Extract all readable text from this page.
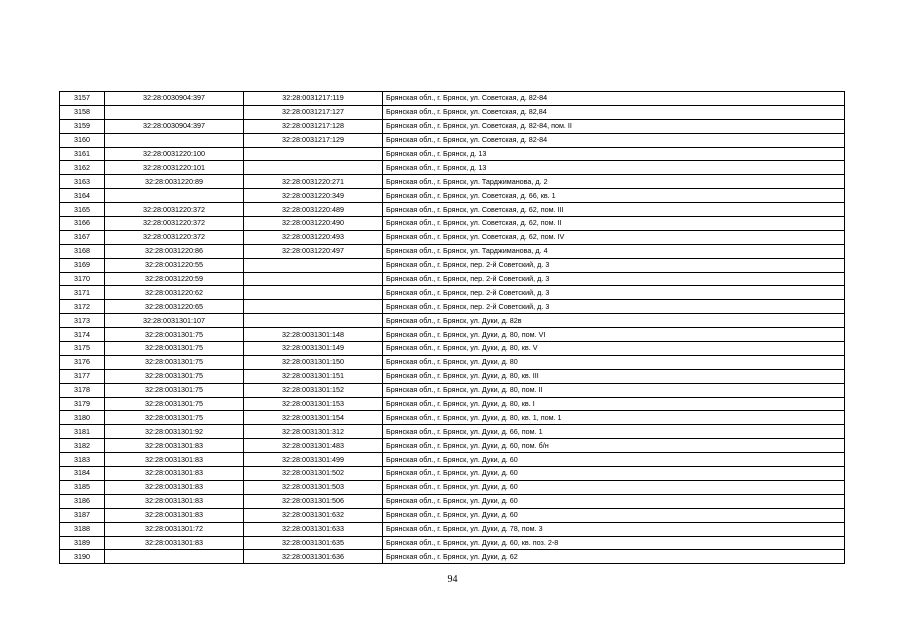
3157	32:28:0030904:397	32:28:0031217:119	Брянская обл., г. Брянск, ул. Советская, д. 82-84
3158		32:28:0031217:127	Брянская обл., г. Брянск, ул. Советская, д. 82,84
3159	32:28:0030904:397	32:28:0031217:128	Брянская обл., г. Брянск, ул. Советская, д. 82-84, пом. II
3160		32:28:0031217:129	Брянская обл., г. Брянск, ул. Советская, д. 82-84
3161	32:28:0031220:100		Брянская обл., г. Брянск, д. 13
3162	32:28:0031220:101		Брянская обл., г. Брянск, д. 13
3163	32:28:0031220:89	32:28:0031220:271	Брянская обл., г. Брянск, ул. Тарджиманова, д. 2
3164		32:28:0031220:349	Брянская обл., г. Брянск, ул. Советская, д. 66, кв. 1
3165	32:28:0031220:372	32:28:0031220:489	Брянская обл., г. Брянск, ул. Советская, д. 62, пом. III
3166	32:28:0031220:372	32:28:0031220:490	Брянская обл., г. Брянск, ул. Советская, д. 62, пом. II
3167	32:28:0031220:372	32:28:0031220:493	Брянская обл., г. Брянск, ул. Советская, д. 62, пом. IV
3168	32:28:0031220:86	32:28:0031220:497	Брянская обл., г. Брянск, ул. Тарджиманова, д. 4
3169	32:28:0031220:55		Брянская обл., г. Брянск, пер. 2-й Советский, д. 3
3170	32:28:0031220:59		Брянская обл., г. Брянск, пер. 2-й Советский, д. 3
3171	32:28:0031220:62		Брянская обл., г. Брянск, пер. 2-й Советский, д. 3
3172	32:28:0031220:65		Брянская обл., г. Брянск, пер. 2-й Советский, д. 3
3173	32:28:0031301:107		Брянская обл., г. Брянск, ул. Дуки, д. 82в
3174	32:28:0031301:75	32:28:0031301:148	Брянская обл., г. Брянск, ул. Дуки, д. 80, пом. VI
3175	32:28:0031301:75	32:28:0031301:149	Брянская обл., г. Брянск, ул. Дуки, д. 80, кв. V
3176	32:28:0031301:75	32:28:0031301:150	Брянская обл., г. Брянск, ул. Дуки, д. 80
3177	32:28:0031301:75	32:28:0031301:151	Брянская обл., г. Брянск, ул. Дуки, д. 80, кв. III
3178	32:28:0031301:75	32:28:0031301:152	Брянская обл., г. Брянск, ул. Дуки, д. 80, пом. II
3179	32:28:0031301:75	32:28:0031301:153	Брянская обл., г. Брянск, ул. Дуки, д. 80, кв. I
3180	32:28:0031301:75	32:28:0031301:154	Брянская обл., г. Брянск, ул. Дуки, д. 80, кв. 1, пом. 1
3181	32:28:0031301:92	32:28:0031301:312	Брянская обл., г. Брянск, ул. Дуки, д. 66, пом. 1
3182	32:28:0031301:83	32:28:0031301:483	Брянская обл., г. Брянск, ул. Дуки, д. 60, пом. б/н
3183	32:28:0031301:83	32:28:0031301:499	Брянская обл., г. Брянск, ул. Дуки, д. 60
3184	32:28:0031301:83	32:28:0031301:502	Брянская обл., г. Брянск, ул. Дуки, д. 60
3185	32:28:0031301:83	32:28:0031301:503	Брянская обл., г. Брянск, ул. Дуки, д. 60
3186	32:28:0031301:83	32:28:0031301:506	Брянская обл., г. Брянск, ул. Дуки, д. 60
3187	32:28:0031301:83	32:28:0031301:632	Брянская обл., г. Брянск, ул. Дуки, д. 60
3188	32:28:0031301:72	32:28:0031301:633	Брянская обл., г. Брянск, ул. Дуки, д. 78, пом. 3
3189	32:28:0031301:83	32:28:0031301:635	Брянская обл., г. Брянск, ул. Дуки, д. 60, кв. поз. 2-8
3190		32:28:0031301:636	Брянская обл., г. Брянск, ул. Дуки, д. 62
94
